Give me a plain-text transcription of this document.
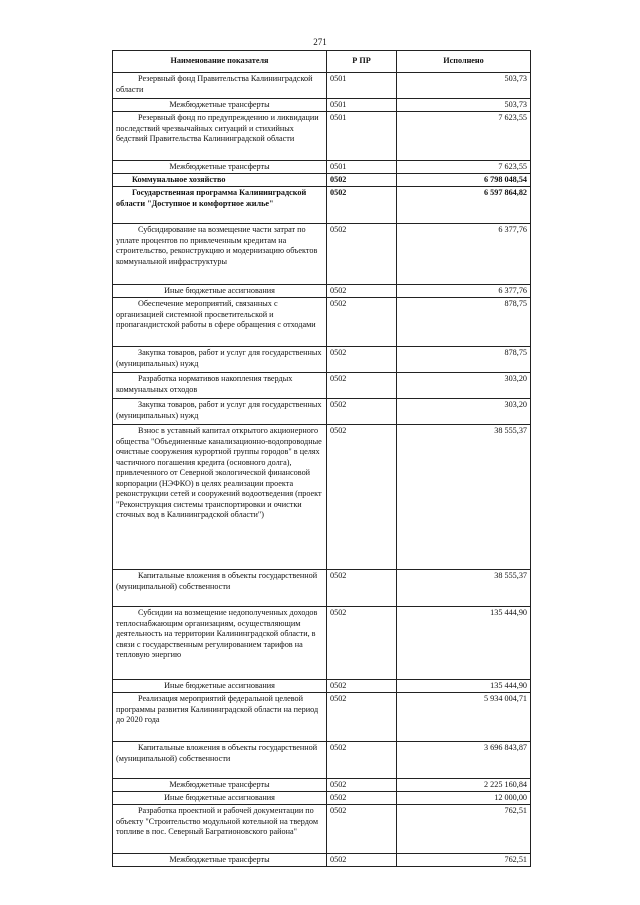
271
Наименование показателя	Р ПР	Исполнено
Резервный фонд Правительства Калининградской области	0501	503,73
Межбюджетные трансферты	0501	503,73
Резервный фонд по предупреждению и ликвидации последствий чрезвычайных ситуаций и стихийных бедствий Правительства Калининградской области	0501	7 623,55
Межбюджетные трансферты	0501	7 623,55
Коммунальное хозяйство	0502	6 798 048,54
Государственная программа Калининградской области "Доступное и комфортное жилье"	0502	6 597 864,82
Субсидирование на возмещение части затрат по уплате процентов по привлеченным кредитам на строительство, реконструкцию и модернизацию объектов коммунальной инфраструктуры	0502	6 377,76
Иные бюджетные ассигнования	0502	6 377,76
Обеспечение мероприятий, связанных с организацией системной просветительской и пропагандистской работы в сфере обращения с отходами	0502	878,75
Закупка товаров, работ и услуг для государственных (муниципальных) нужд	0502	878,75
Разработка нормативов накопления твердых коммунальных отходов	0502	303,20
Закупка товаров, работ и услуг для государственных (муниципальных) нужд	0502	303,20
Взнос в уставный капитал открытого акционерного общества "Объединенные канализационно-водопроводные очистные сооружения курортной группы городов" в целях частичного погашения кредита (основного долга), привлеченного от Северной экологической финансовой корпорации (НЭФКО) в целях реализации проекта реконструкции сетей и сооружений водоотведения (проект "Реконструкция системы транспортировки и очистки сточных вод в Калининградской области")	0502	38 555,37
Капитальные вложения в объекты государственной (муниципальной) собственности	0502	38 555,37
Субсидии на возмещение недополученных доходов теплоснабжающим организациям, осуществляющим деятельность на территории Калининградской области, в связи с государственным регулированием тарифов на тепловую энергию	0502	135 444,90
Иные бюджетные ассигнования	0502	135 444,90
Реализация мероприятий федеральной целевой программы развития Калининградской области на период до 2020 года	0502	5 934 004,71
Капитальные вложения в объекты государственной (муниципальной) собственности	0502	3 696 843,87
Межбюджетные трансферты	0502	2 225 160,84
Иные бюджетные ассигнования	0502	12 000,00
Разработка проектной и рабочей документации по объекту "Строительство модульной котельной на твердом топливе в пос. Северный Багратионовского района"	0502	762,51
Межбюджетные трансферты	0502	762,51
